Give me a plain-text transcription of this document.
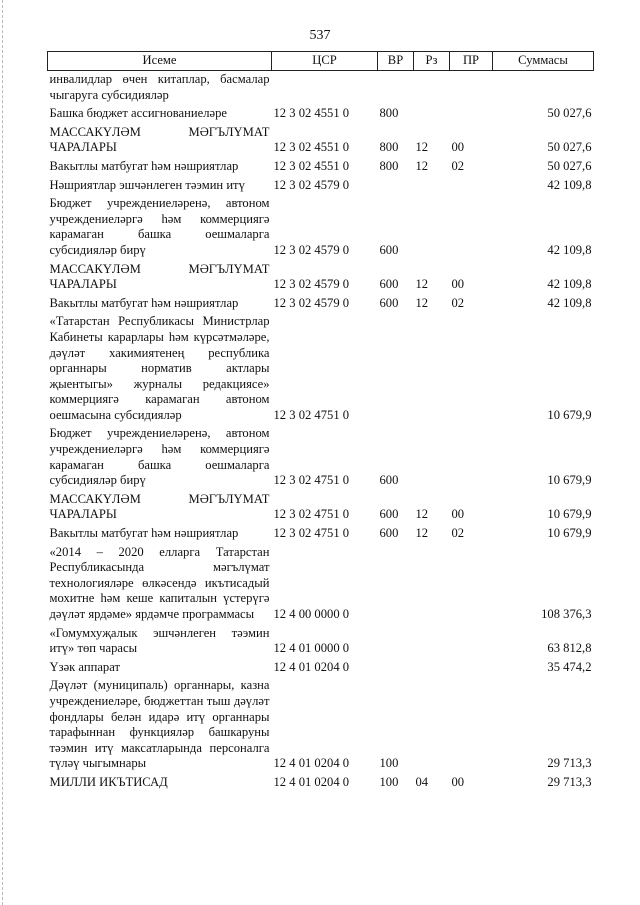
537
Исеме	ЦСР	ВР	Рз	ПР	Суммасы
инвалидлар өчен китаплар, басмалар чыгаруга субсидияләр					
Башка бюджет ассигнованиеләре	12 3 02 4551 0	800			50 027,6
МАССАКҮЛӘМ МӘГЪЛҮМАТ ЧАРАЛАРЫ	12 3 02 4551 0	800	12	00	50 027,6
Вакытлы матбугат һәм нәшриятлар	12 3 02 4551 0	800	12	02	50 027,6
Нәшриятлар эшчәнлеген тәэмин итү	12 3 02 4579 0				42 109,8
Бюджет учреждениеләренә, автоном учреждениеләргә һәм коммерциягә карамаган башка оешмаларга субсидияләр бирү	12 3 02 4579 0	600			42 109,8
МАССАКҮЛӘМ МӘГЪЛҮМАТ ЧАРАЛАРЫ	12 3 02 4579 0	600	12	00	42 109,8
Вакытлы матбугат һәм нәшриятлар	12 3 02 4579 0	600	12	02	42 109,8
«Татарстан Республикасы Министрлар Кабинеты карарлары һәм күрсәтмәләре, дәүләт хакимиятенең республика органнары норматив актлары җыентыгы» журналы редакциясе» коммерциягә карамаган автоном оешмасына субсидияләр	12 3 02 4751 0				10 679,9
Бюджет учреждениеләренә, автоном учреждениеләргә һәм коммерциягә карамаган башка оешмаларга субсидияләр бирү	12 3 02 4751 0	600			10 679,9
МАССАКҮЛӘМ МӘГЪЛҮМАТ ЧАРАЛАРЫ	12 3 02 4751 0	600	12	00	10 679,9
Вакытлы матбугат һәм нәшриятлар	12 3 02 4751 0	600	12	02	10 679,9
«2014 – 2020 елларга Татарстан Республикасында мәгълүмат технологияләре өлкәсендә икътисадый мохитне һәм кеше капиталын үстерүгә дәүләт ярдәме» ярдәмче программасы	12 4 00 0000 0				108 376,3
«Гомумхуҗалык эшчәнлеген тәэмин итү» төп чарасы	12 4 01 0000 0				63 812,8
Үзәк аппарат	12 4 01 0204 0				35 474,2
Дәүләт (муниципаль) органнары, казна учреждениеләре, бюджеттан тыш дәүләт фондлары белән идарә итү органнары тарафыннан функцияләр башкаруны тәэмин итү максатларында персоналга түләү чыгымнары	12 4 01 0204 0	100			29 713,3
МИЛЛИ ИКЪТИСАД	12 4 01 0204 0	100	04	00	29 713,3
